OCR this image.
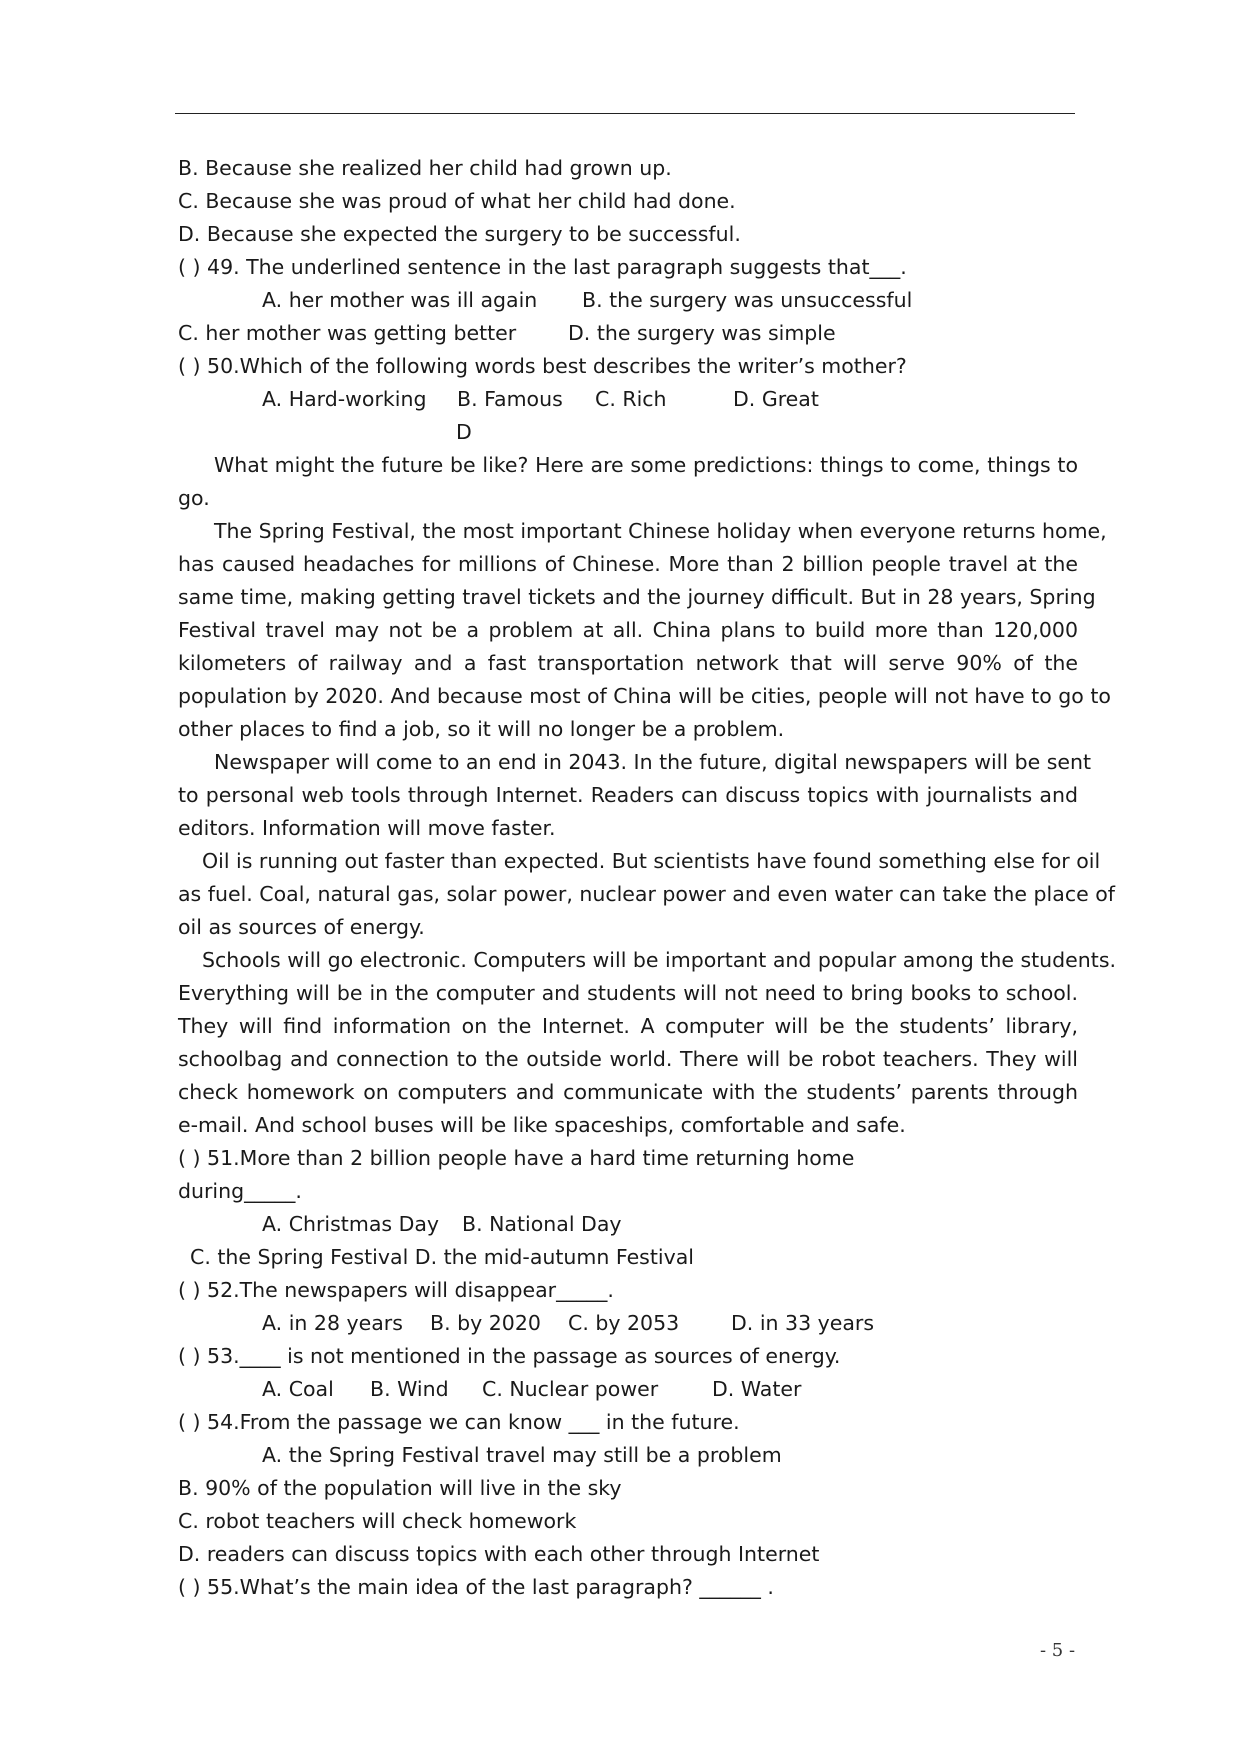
B. Because she realized her child had grown up.
C. Because she was proud of what her child had done.
D. Because she expected the surgery to be successful.
( ) 49. The underlined sentence in the last paragraph suggests that___.
A. her mother was ill again B. the surgery was unsuccessful
C. her mother was getting better	D. the surgery was simple
( ) 50.Which of the following words best describes the writer’s mother?
A. Hard-working B. Famous C. Rich	D. Great
D
What might the future be like? Here are some predictions: things to come, things to
go.
The Spring Festival, the most important Chinese holiday when everyone returns home,
has caused headaches for millions of Chinese. More than 2 billion people travel at the
same time, making getting travel tickets and the journey difficult. But in 28 years, Spring
Festival travel may not be a problem at all. China plans to build more than 120,000
kilometers of railway and a fast transportation network that will serve 90% of the
population by 2020. And because most of China will be cities, people will not have to go to
other places to find a job, so it will no longer be a problem.
Newspaper will come to an end in 2043. In the future, digital newspapers will be sent
to personal web tools through Internet. Readers can discuss topics with journalists and
editors. Information will move faster.
Oil is running out faster than expected. But scientists have found something else for oil
as fuel. Coal, natural gas, solar power, nuclear power and even water can take the place of
oil as sources of energy.
Schools will go electronic. Computers will be important and popular among the students.
Everything will be in the computer and students will not need to bring books to school.
They will find information on the Internet. A computer will be the students’ library,
schoolbag and connection to the outside world. There will be robot teachers. They will
check homework on computers and communicate with the students’ parents through
e-mail. And school buses will be like spaceships, comfortable and safe.
( ) 51.More than 2 billion people have a hard time returning home
during_____.
A. Christmas Day B. National Day
C. the Spring Festival D. the mid-autumn Festival
( ) 52.The newspapers will disappear_____.
A. in 28 years B. by 2020 C. by 2053	D. in 33 years
( ) 53.____ is not mentioned in the passage as sources of energy.
A. Coal B. Wind C. Nuclear power	D. Water
( ) 54.From the passage we can know ___ in the future.
A. the Spring Festival travel may still be a problem
B. 90% of the population will live in the sky
C. robot teachers will check homework
D. readers can discuss topics with each other through Internet
( ) 55.What’s the main idea of the last paragraph? ______ .
- 5 -
